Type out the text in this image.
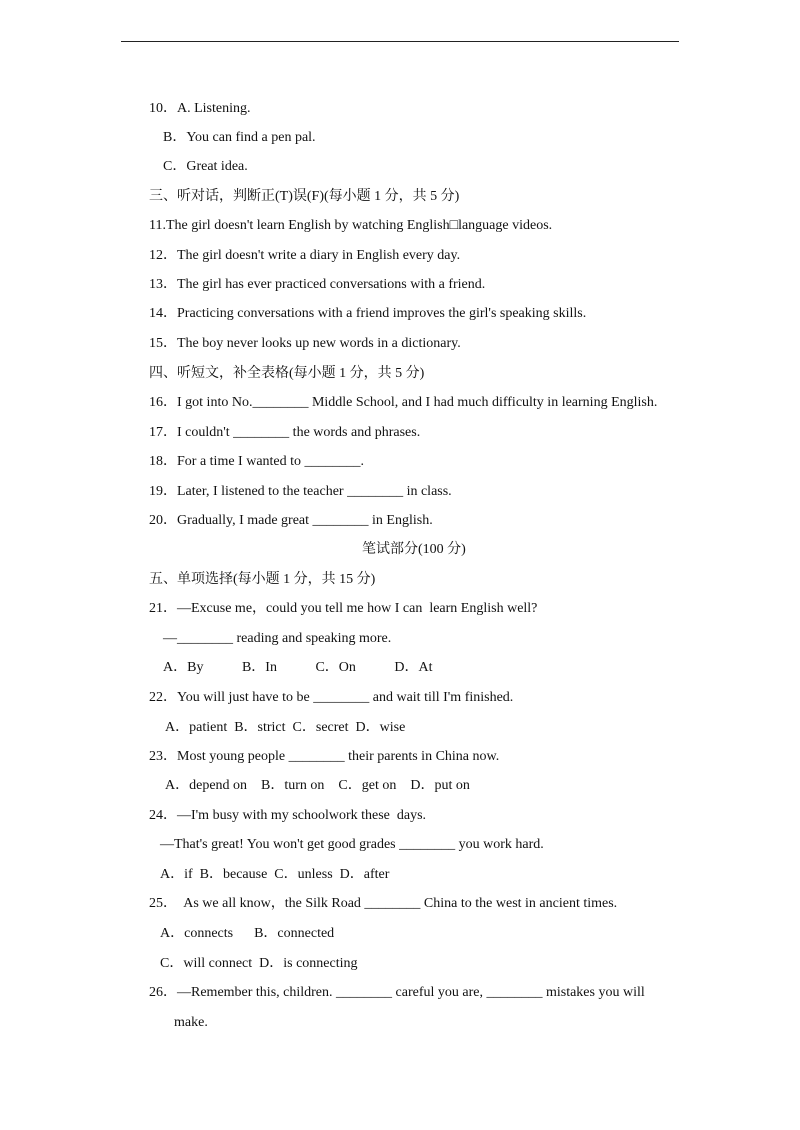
10．A. Listening.
B．You can find a pen pal.
C．Great idea.
三、听对话，判断正(T)误(F)(每小题 1 分，共 5 分)
11.The girl doesn't learn English by watching English□language videos.
12．The girl doesn't write a diary in English every day.
13．The girl has ever practiced conversations with a friend.
14．Practicing conversations with a friend improves the girl's speaking skills.
15．The boy never looks up new words in a dictionary.
四、听短文，补全表格(每小题 1 分，共 5 分)
16．I got into No.________ Middle School, and I had much difficulty in learning English.
17．I couldn't ________ the words and phrases.
18．For a time I wanted to ________.
19．Later, I listened to the teacher ________ in class.
20．Gradually, I made great ________ in English.
笔试部分(100 分)
五、单项选择(每小题 1 分，共 15 分)
21．—Excuse me，could you tell me how I can  learn English well?
—________ reading and speaking more.
A．By           B．In           C．On           D．At
22．You will just have to be ________ and wait till I'm finished.
A．patient  B．strict  C．secret  D．wise
23．Most young people ________ their parents in China now.
A．depend on    B．turn on    C．get on    D．put on
24．—I'm busy with my schoolwork these  days.
—That's great! You won't get good grades ________ you work hard.
A．if  B．because  C．unless  D．after
25．  As we all know，the Silk Road ________ China to the west in ancient times.
A．connects      B．connected
C．will connect  D．is connecting
26．—Remember this, children. ________ careful you are, ________ mistakes you will
make.
